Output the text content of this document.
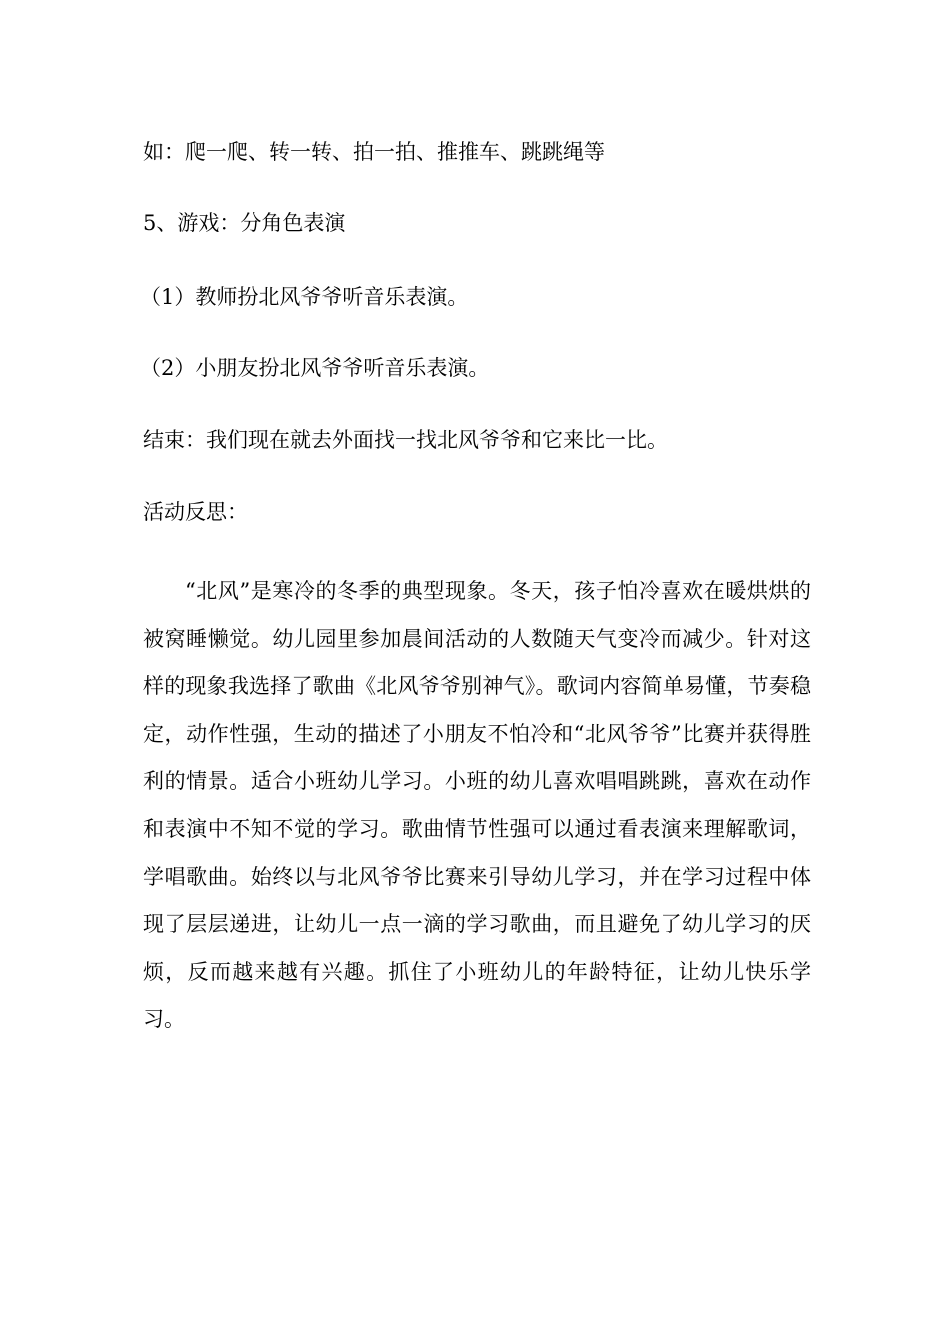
如：爬一爬、转一转、拍一拍、推推车、跳跳绳等
5、游戏：分角色表演
（1）教师扮北风爷爷听音乐表演。
（2）小朋友扮北风爷爷听音乐表演。
结束：我们现在就去外面找一找北风爷爷和它来比一比。
活动反思：
“北风”是寒冷的冬季的典型现象。冬天，孩子怕冷喜欢在暖烘烘的被窝睡懒觉。幼儿园里参加晨间活动的人数随天气变冷而减少。针对这样的现象我选择了歌曲《北风爷爷别神气》。歌词内容简单易懂，节奏稳定，动作性强，生动的描述了小朋友不怕冷和“北风爷爷”比赛并获得胜利的情景。适合小班幼儿学习。小班的幼儿喜欢唱唱跳跳，喜欢在动作和表演中不知不觉的学习。歌曲情节性强可以通过看表演来理解歌词，学唱歌曲。始终以与北风爷爷比赛来引导幼儿学习，并在学习过程中体现了层层递进，让幼儿一点一滴的学习歌曲，而且避免了幼儿学习的厌烦，反而越来越有兴趣。抓住了小班幼儿的年龄特征，让幼儿快乐学习。
